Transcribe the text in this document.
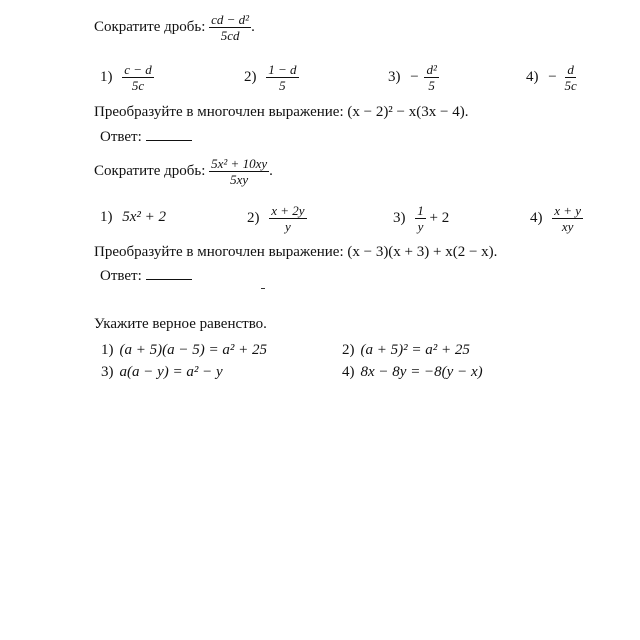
Сократите дробь: $\frac{\text{cd − d²}}{5cd}$ .
$1) \frac{c - d}{5c}$	$2) \frac{1 - d}{5}$	$3) - \frac{\text{d²}}{5}$	$4) - \frac{d}{5c}$
Преобразуйте в многочлен выражение: (x − 2)² − x(3x − 4).
Ответ:
Сократите дробь: $\frac{\text{5x² + 10xy}}{5xy}$ .
1) 5x² + 2	$2) \frac{x + 2y}{y}$	$3) \frac{1}{y} + 2$	$4) \frac{x + y}{xy}$
Преобразуйте в многочлен выражение: (x − 3)(x + 3) + x(2 − x).
Ответ:
Укажите верное равенство.
1) (a + 5)(a − 5) = a² + 25	2) (a + 5)² = a² + 25
3) a(a − y) = a² − y	4) 8x − 8y = −8(y − x)
